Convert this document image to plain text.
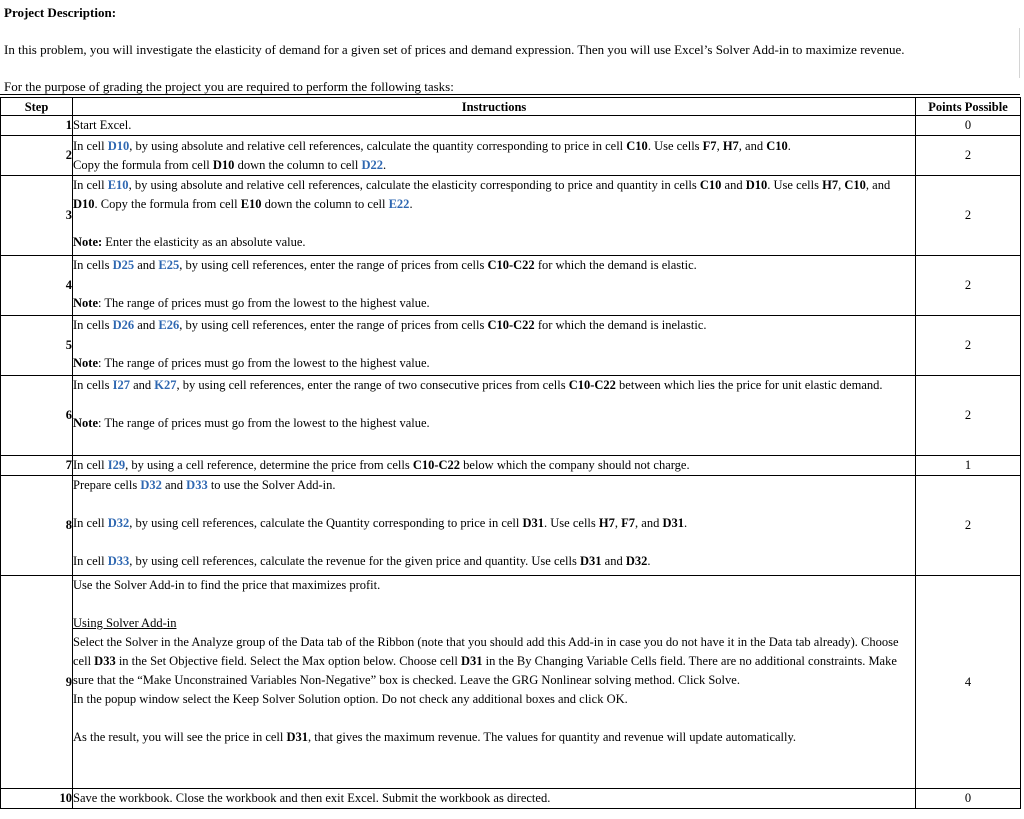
Project Description:
In this problem, you will investigate the elasticity of demand for a given set of prices and demand expression. Then you will use Excel’s Solver Add-in to maximize revenue.
For the purpose of grading the project you are required to perform the following tasks:
Step	Instructions	Points Possible
1	Start Excel.	0
2	In cell D10, by using absolute and relative cell references, calculate the quantity corresponding to price in cell C10. Use cells F7, H7, and C10.
Copy the formula from cell D10 down the column to cell D22.	2
3	In cell E10, by using absolute and relative cell references, calculate the elasticity corresponding to price and quantity in cells C10 and D10. Use cells H7, C10, and D10. Copy the formula from cell E10 down the column to cell E22.
Note: Enter the elasticity as an absolute value.	2
4	In cells D25 and E25, by using cell references, enter the range of prices from cells C10-C22 for which the demand is elastic.
Note: The range of prices must go from the lowest to the highest value.	2
5	In cells D26 and E26, by using cell references, enter the range of prices from cells C10-C22 for which the demand is inelastic.
Note: The range of prices must go from the lowest to the highest value.	2
6	In cells I27 and K27, by using cell references, enter the range of two consecutive prices from cells C10-C22 between which lies the price for unit elastic demand.
Note: The range of prices must go from the lowest to the highest value.	2
7	In cell I29, by using a cell reference, determine the price from cells C10-C22 below which the company should not charge.	1
8	Prepare cells D32 and D33 to use the Solver Add-in.
In cell D32, by using cell references, calculate the Quantity corresponding to price in cell D31. Use cells H7, F7, and D31.
In cell D33, by using cell references, calculate the revenue for the given price and quantity. Use cells D31 and D32.	2
9	Use the Solver Add-in to find the price that maximizes profit.
Using Solver Add-in
Select the Solver in the Analyze group of the Data tab of the Ribbon (note that you should add this Add-in in case you do not have it in the Data tab already). Choose cell D33 in the Set Objective field. Select the Max option below. Choose cell D31 in the By Changing Variable Cells field. There are no additional constraints. Make sure that the “Make Unconstrained Variables Non-Negative” box is checked. Leave the GRG Nonlinear solving method. Click Solve.
In the popup window select the Keep Solver Solution option. Do not check any additional boxes and click OK.
As the result, you will see the price in cell D31, that gives the maximum revenue. The values for quantity and revenue will update automatically.	4
10	Save the workbook. Close the workbook and then exit Excel. Submit the workbook as directed.	0
